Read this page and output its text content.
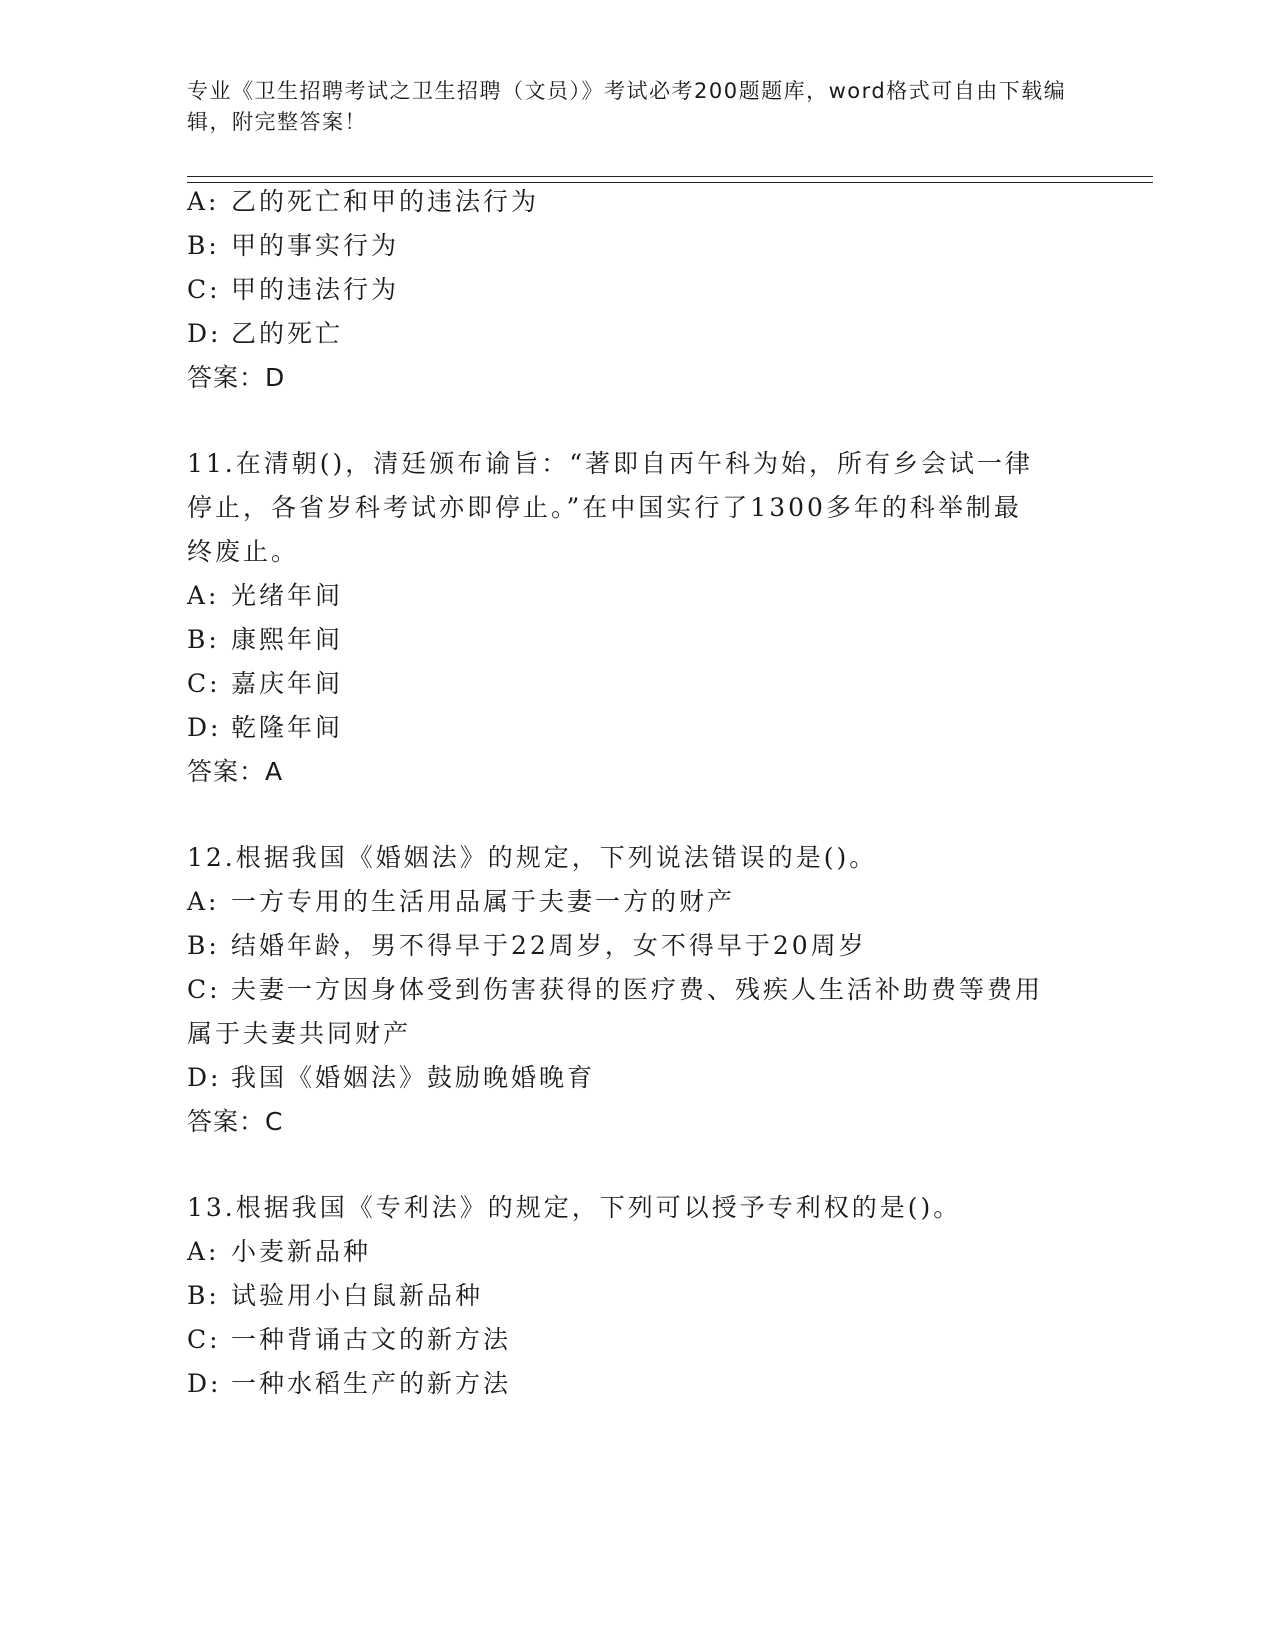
专业《卫生招聘考试之卫生招聘（文员）》考试必考200题题库，word格式可自由下载编辑，附完整答案！
A: 乙的死亡和甲的违法行为
B: 甲的事实行为
C: 甲的违法行为
D: 乙的死亡
答案：D
11.在清朝()，清廷颁布谕旨：“著即自丙午科为始，所有乡会试一律
停止，各省岁科考试亦即停止。”在中国实行了1300多年的科举制最
终废止。
A: 光绪年间
B: 康熙年间
C: 嘉庆年间
D: 乾隆年间
答案：A
12.根据我国《婚姻法》的规定，下列说法错误的是()。
A: 一方专用的生活用品属于夫妻一方的财产
B: 结婚年龄，男不得早于22周岁，女不得早于20周岁
C: 夫妻一方因身体受到伤害获得的医疗费、残疾人生活补助费等费用
属于夫妻共同财产
D: 我国《婚姻法》鼓励晚婚晚育
答案：C
13.根据我国《专利法》的规定，下列可以授予专利权的是()。
A: 小麦新品种
B: 试验用小白鼠新品种
C: 一种背诵古文的新方法
D: 一种水稻生产的新方法
